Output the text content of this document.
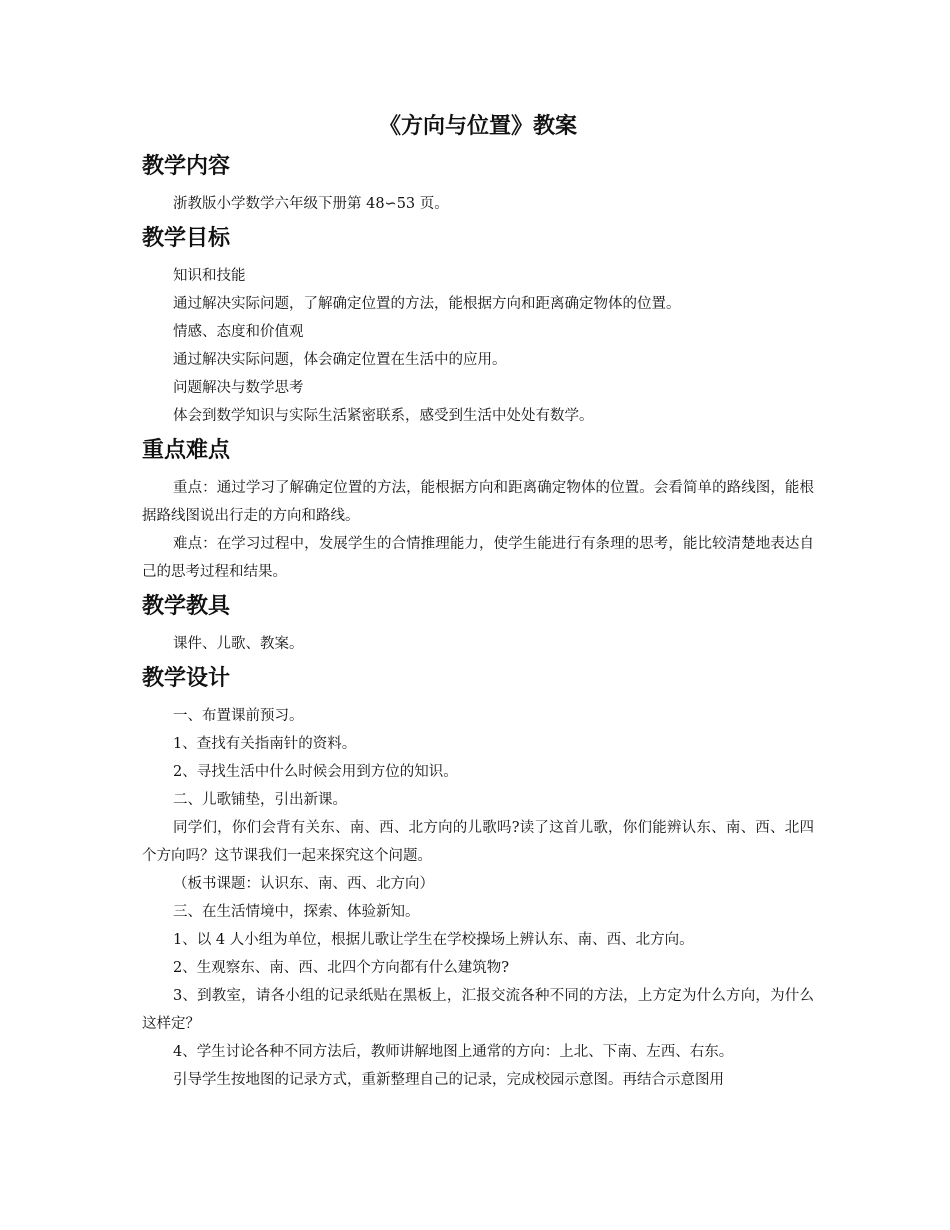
《方向与位置》教案
教学内容

浙教版小学数学六年级下册第 48∽53 页。

教学目标

知识和技能

通过解决实际问题，了解确定位置的方法，能根据方向和距离确定物体的位置。

情感、态度和价值观

通过解决实际问题，体会确定位置在生活中的应用。

问题解决与数学思考

体会到数学知识与实际生活紧密联系，感受到生活中处处有数学。

重点难点

重点：通过学习了解确定位置的方法，能根据方向和距离确定物体的位置。会看简单的路线图，能根据路线图说出行走的方向和路线。

难点：在学习过程中，发展学生的合情推理能力，使学生能进行有条理的思考，能比较清楚地表达自己的思考过程和结果。

教学教具

课件、儿歌、教案。

教学设计

一、布置课前预习。

1、查找有关指南针的资料。

2、寻找生活中什么时候会用到方位的知识。

二、儿歌铺垫，引出新课。

同学们，你们会背有关东、南、西、北方向的儿歌吗?读了这首儿歌，你们能辨认东、南、西、北四个方向吗？这节课我们一起来探究这个问题。

（板书课题：认识东、南、西、北方向）

三、在生活情境中，探索、体验新知。

1、以 4 人小组为单位，根据儿歌让学生在学校操场上辨认东、南、西、北方向。

2、生观察东、南、西、北四个方向都有什么建筑物?

3、到教室，请各小组的记录纸贴在黑板上，汇报交流各种不同的方法，上方定为什么方向，为什么这样定？

4、学生讨论各种不同方法后，教师讲解地图上通常的方向：上北、下南、左西、右东。

引导学生按地图的记录方式，重新整理自己的记录，完成校园示意图。再结合示意图用
